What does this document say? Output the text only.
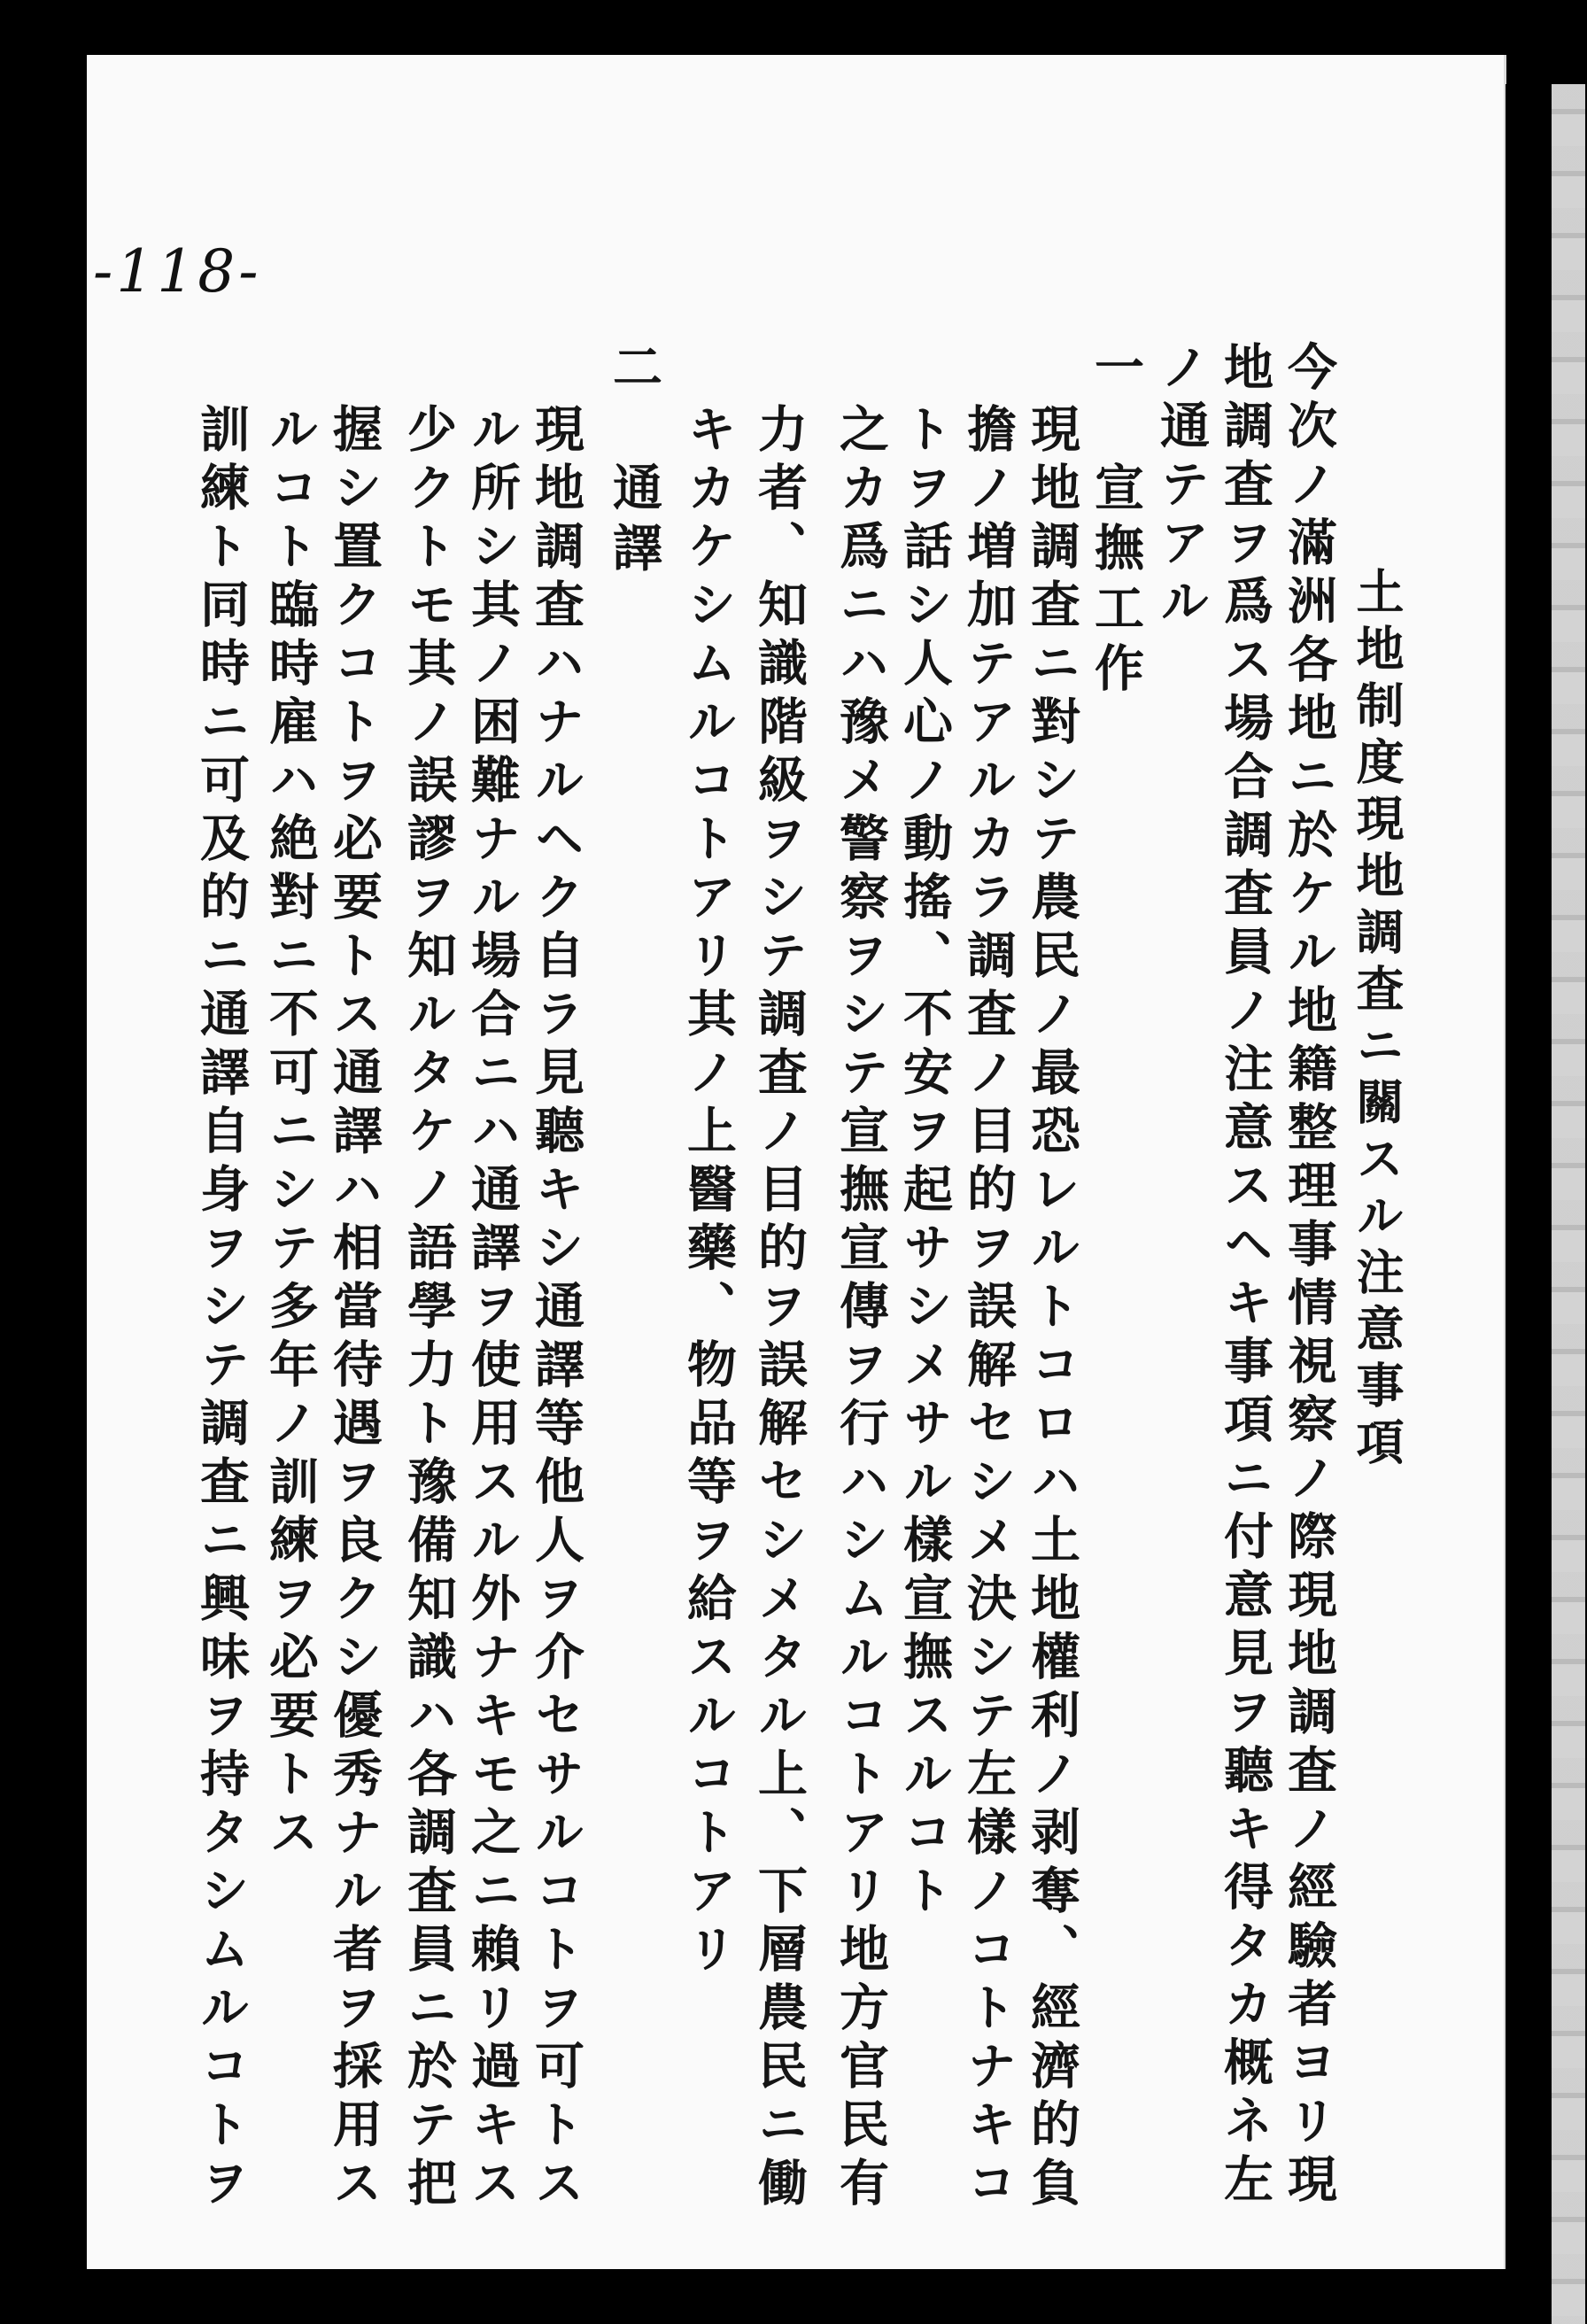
-118-
土地制度現地調査ニ關スル注意事項
今次ノ滿洲各地ニ於ケル地籍整理事情視察ノ際現地調査ノ經驗者ヨリ現
地調査ヲ爲ス場合調査員ノ注意スヘキ事項ニ付意見ヲ聽キ得タカ概ネ左
ノ通テアル
一　宣撫工作
現地調査ニ對シテ農民ノ最恐レルトコロハ土地權利ノ剥奪、經濟的負
擔ノ増加テアルカラ調査ノ目的ヲ誤解セシメ決シテ左樣ノコトナキコ
トヲ話シ人心ノ動搖、不安ヲ起サシメサル樣宣撫スルコト
之カ爲ニハ豫メ警察ヲシテ宣撫宣傳ヲ行ハシムルコトアリ地方官民有
力者、知識階級ヲシテ調査ノ目的ヲ誤解セシメタル上、下層農民ニ働
キカケシムルコトアリ其ノ上醫藥、物品等ヲ給スルコトアリ
二　通譯
現地調査ハナルヘク自ラ見聽キシ通譯等他人ヲ介セサルコトヲ可トス
ル所シ其ノ困難ナル場合ニハ通譯ヲ使用スル外ナキモ之ニ賴リ過キス
少クトモ其ノ誤謬ヲ知ルタケノ語學力ト豫備知識ハ各調査員ニ於テ把
握シ置クコトヲ必要トス通譯ハ相當待遇ヲ良クシ優秀ナル者ヲ採用ス
ルコト臨時雇ハ絶對ニ不可ニシテ多年ノ訓練ヲ必要トス
訓練ト同時ニ可及的ニ通譯自身ヲシテ調査ニ興味ヲ持タシムルコトヲ
